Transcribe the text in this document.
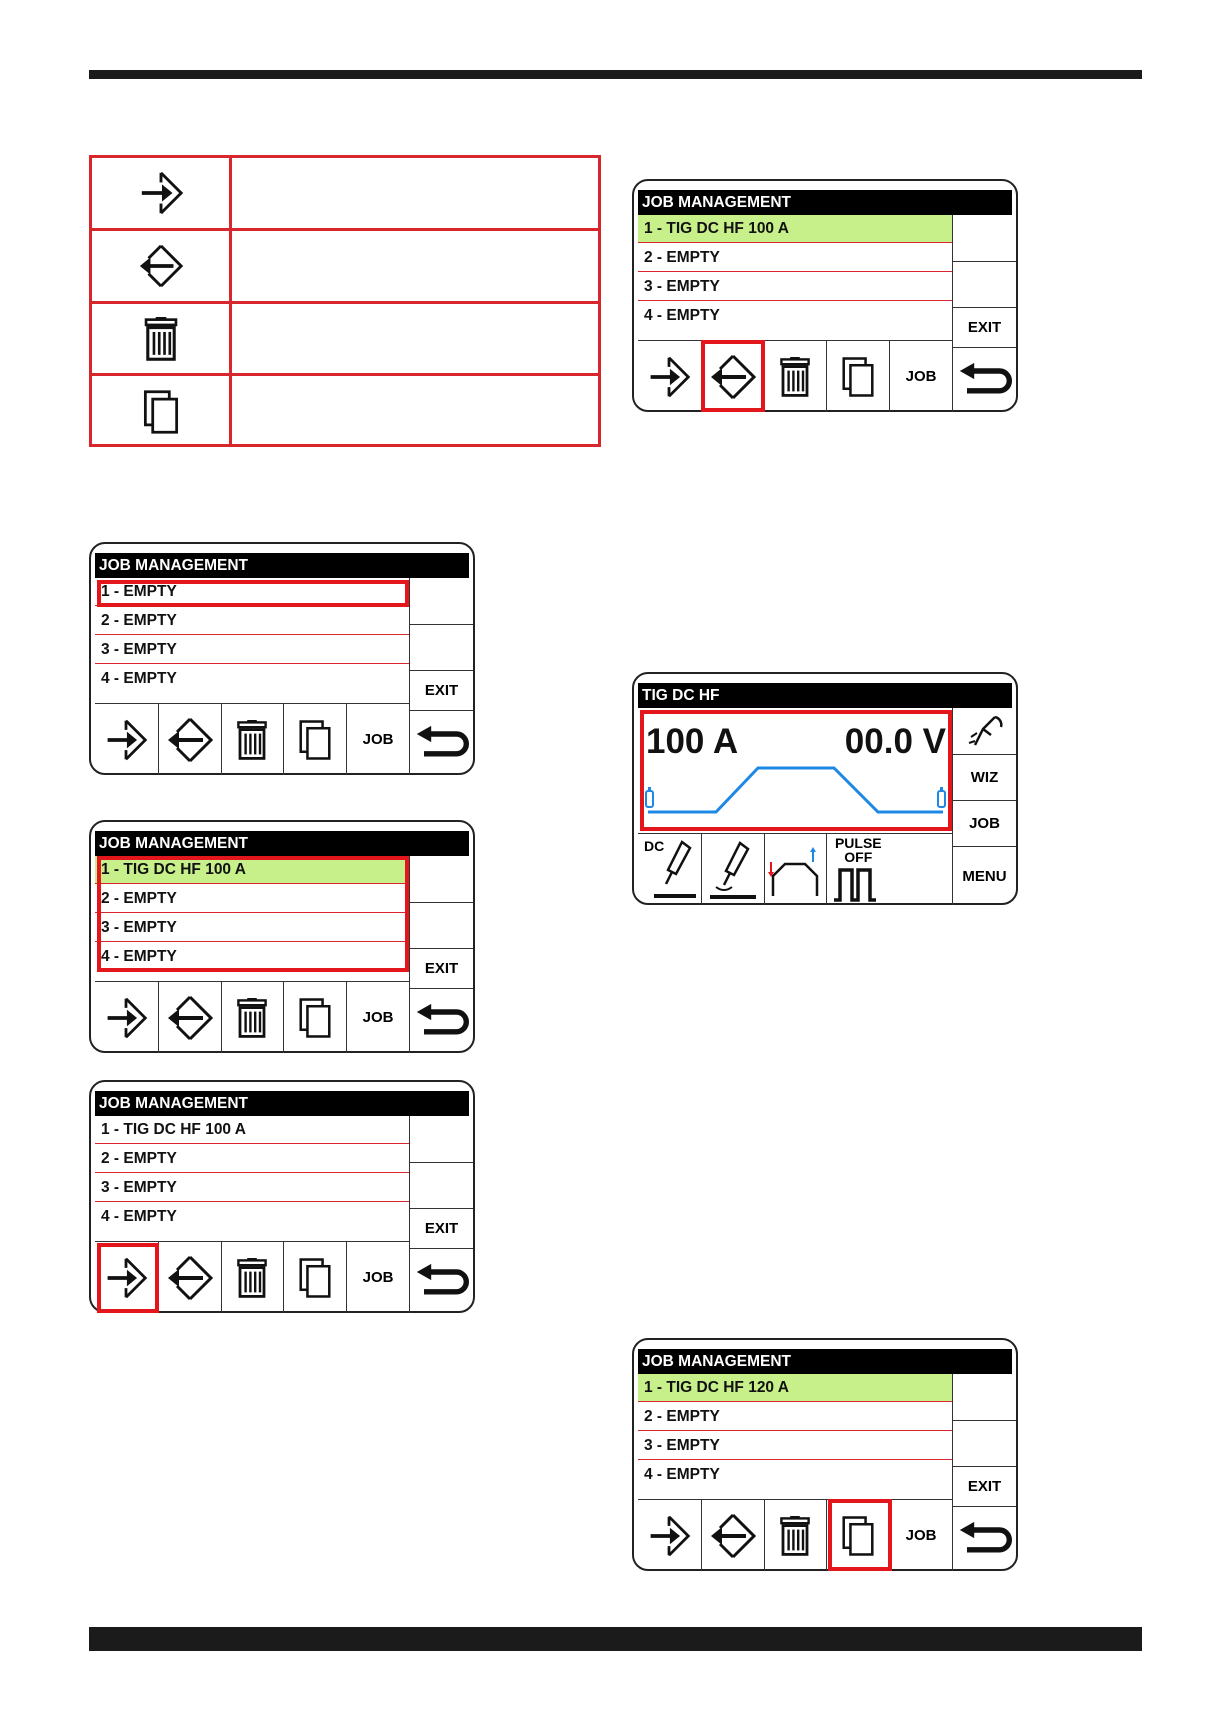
JOB MANAGEMENT
1 - EMPTY
2 - EMPTY
3 - EMPTY
4 - EMPTY
EXIT
JOB
JOB MANAGEMENT
1 - TIG DC HF 100 A
2 - EMPTY
3 - EMPTY
4 - EMPTY
EXIT
JOB
JOB MANAGEMENT
1 - TIG DC HF 100 A
2 - EMPTY
3 - EMPTY
4 - EMPTY
EXIT
JOB
JOB MANAGEMENT
1 - TIG DC HF 100 A
2 - EMPTY
3 - EMPTY
4 - EMPTY
EXIT
JOB
TIG DC HF
100 A	00.0 V
WIZ
JOB
MENU
DC	PULSE
OFF
JOB MANAGEMENT
1 - TIG DC HF 120 A
2 - EMPTY
3 - EMPTY
4 - EMPTY
EXIT
JOB
